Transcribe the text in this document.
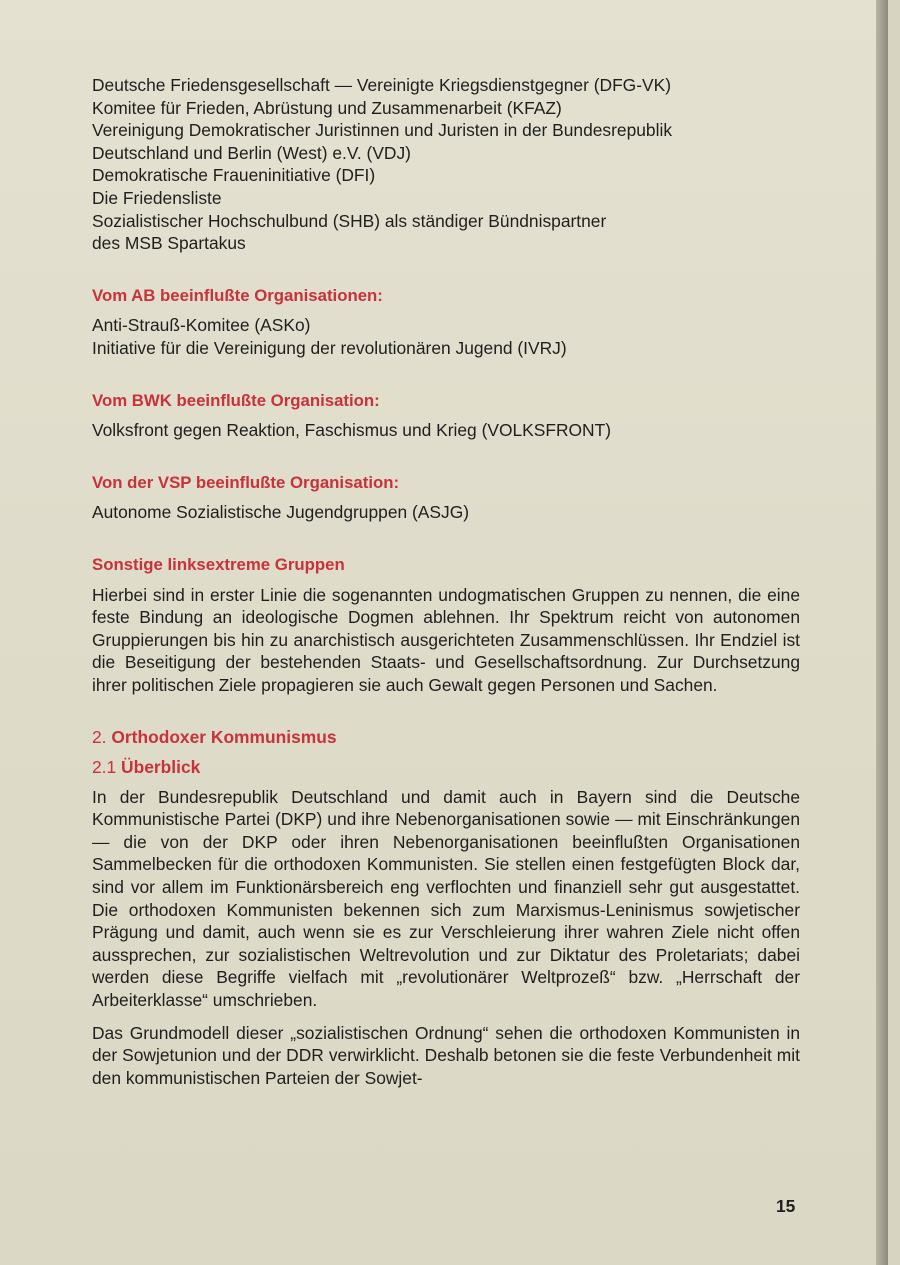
Deutsche Friedensgesellschaft — Vereinigte Kriegsdienstgegner (DFG-VK)

Komitee für Frieden, Abrüstung und Zusammenarbeit (KFAZ)

Vereinigung Demokratischer Juristinnen und Juristen in der Bundesrepublik

Deutschland und Berlin (West) e.V. (VDJ)

Demokratische Fraueninitiative (DFI)

Die Friedensliste

Sozialistischer Hochschulbund (SHB) als ständiger Bündnispartner

des MSB Spartakus

Vom AB beeinflußte Organisationen:

Anti-Strauß-Komitee (ASKo)

Initiative für die Vereinigung der revolutionären Jugend (IVRJ)

Vom BWK beeinflußte Organisation:

Volksfront gegen Reaktion, Faschismus und Krieg (VOLKSFRONT)

Von der VSP beeinflußte Organisation:

Autonome Sozialistische Jugendgruppen (ASJG)

Sonstige linksextreme Gruppen

Hierbei sind in erster Linie die sogenannten undogmatischen Gruppen zu nennen, die eine feste Bindung an ideologische Dogmen ablehnen. Ihr Spektrum reicht von autonomen Gruppierungen bis hin zu anarchistisch ausgerichteten Zusammenschlüssen. Ihr Endziel ist die Beseitigung der bestehenden Staats- und Gesellschaftsordnung. Zur Durchsetzung ihrer politischen Ziele propagieren sie auch Gewalt gegen Personen und Sachen.

2. Orthodoxer Kommunismus

2.1 Überblick

In der Bundesrepublik Deutschland und damit auch in Bayern sind die Deutsche Kommunistische Partei (DKP) und ihre Nebenorganisationen sowie — mit Einschränkungen — die von der DKP oder ihren Nebenorganisationen beeinflußten Organisationen Sammelbecken für die orthodoxen Kommunisten. Sie stellen einen festgefügten Block dar, sind vor allem im Funktionärsbereich eng verflochten und finanziell sehr gut ausgestattet. Die orthodoxen Kommunisten bekennen sich zum Marxismus-Leninismus sowjetischer Prägung und damit, auch wenn sie es zur Verschleierung ihrer wahren Ziele nicht offen aussprechen, zur sozialistischen Weltrevolution und zur Diktatur des Proletariats; dabei werden diese Begriffe vielfach mit „revolutionärer Weltprozeß“ bzw. „Herrschaft der Arbeiterklasse“ umschrieben.

Das Grundmodell dieser „sozialistischen Ordnung“ sehen die orthodoxen Kommunisten in der Sowjetunion und der DDR verwirklicht. Deshalb betonen sie die feste Verbundenheit mit den kommunistischen Parteien der Sowjet-

15
